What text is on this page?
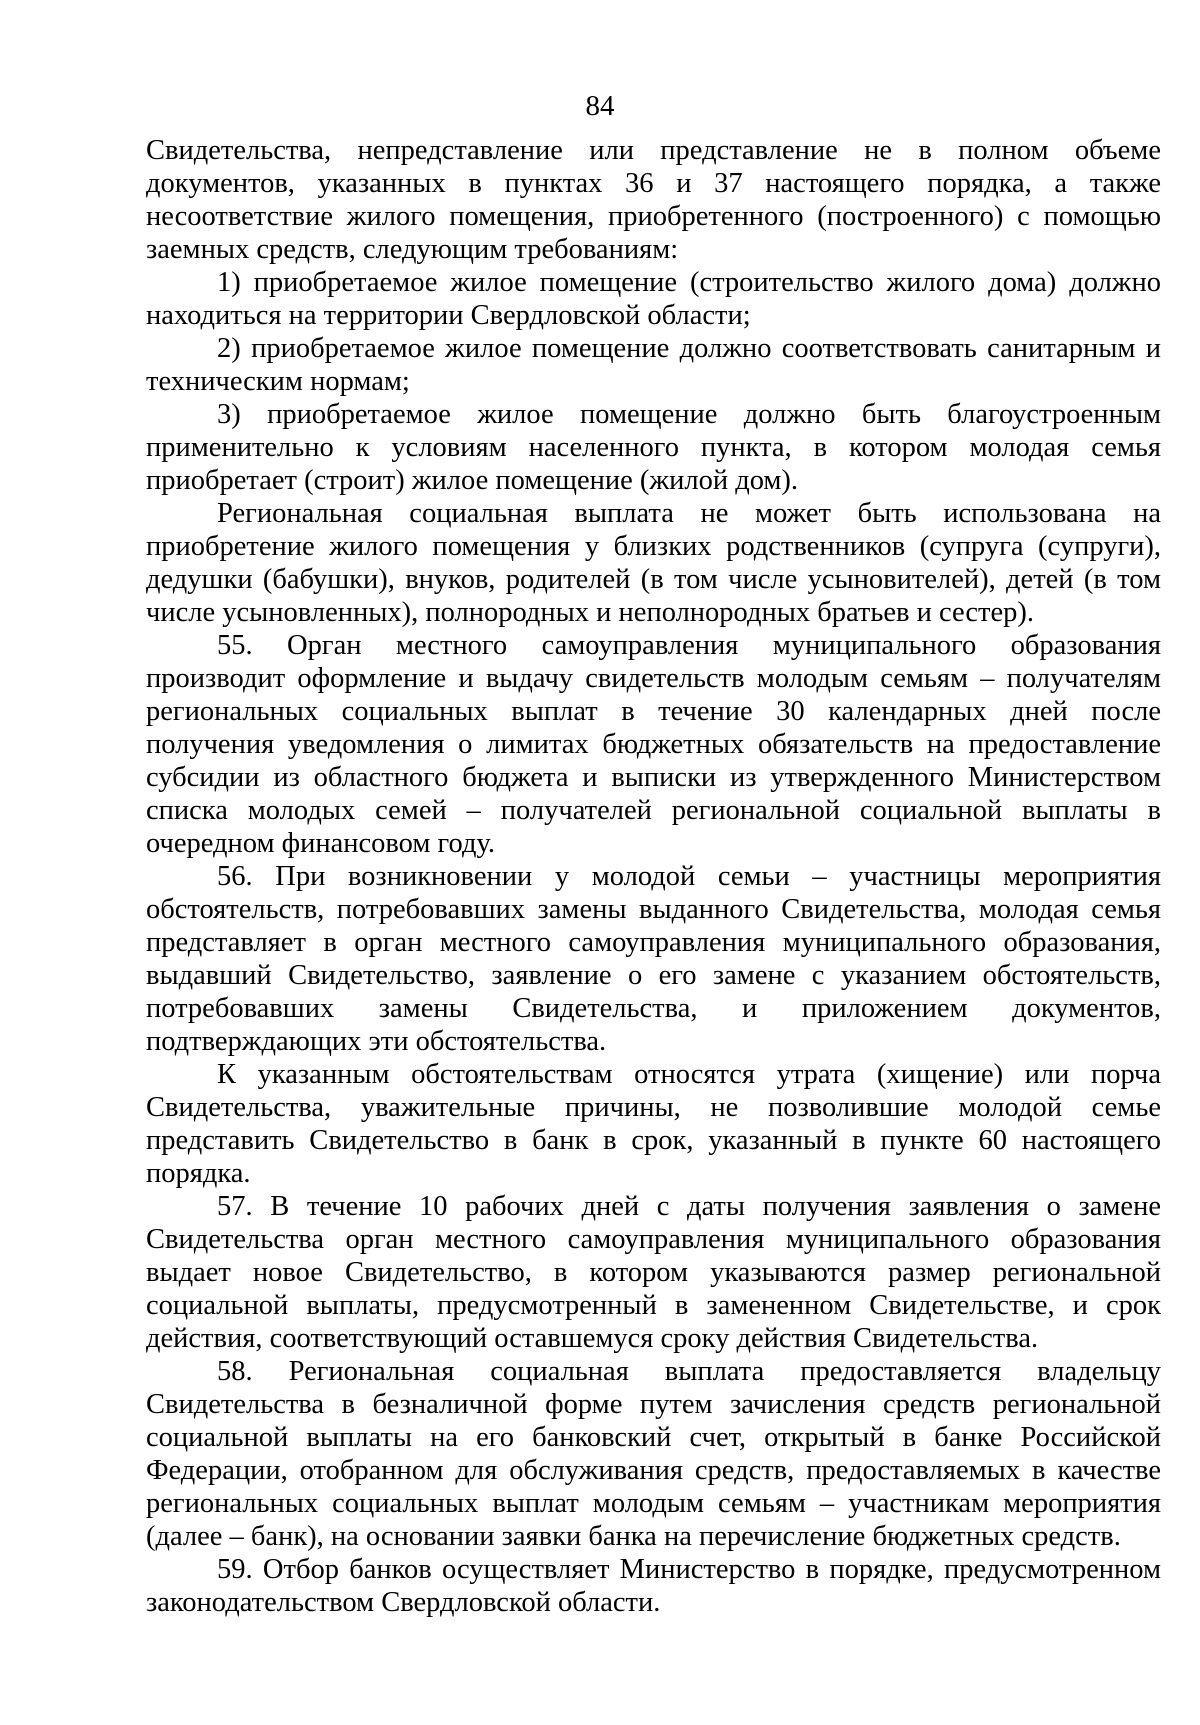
84

Свидетельства, непредставление или представление не в полном объеме документов, указанных в пунктах 36 и 37 настоящего порядка, а также несоответствие жилого помещения, приобретенного (построенного) с помощью заемных средств, следующим требованиям:

1) приобретаемое жилое помещение (строительство жилого дома) должно находиться на территории Свердловской области;

2) приобретаемое жилое помещение должно соответствовать санитарным и техническим нормам;

3) приобретаемое жилое помещение должно быть благоустроенным применительно к условиям населенного пункта, в котором молодая семья приобретает (строит) жилое помещение (жилой дом).

Региональная социальная выплата не может быть использована на приобретение жилого помещения у близких родственников (супруга (супруги), дедушки (бабушки), внуков, родителей (в том числе усыновителей), детей (в том числе усыновленных), полнородных и неполнородных братьев и сестер).

55. Орган местного самоуправления муниципального образования производит оформление и выдачу свидетельств молодым семьям – получателям региональных социальных выплат в течение 30 календарных дней после получения уведомления о лимитах бюджетных обязательств на предоставление субсидии из областного бюджета и выписки из утвержденного Министерством списка молодых семей – получателей региональной социальной выплаты в очередном финансовом году.

56. При возникновении у молодой семьи – участницы мероприятия обстоятельств, потребовавших замены выданного Свидетельства, молодая семья представляет в орган местного самоуправления муниципального образования, выдавший Свидетельство, заявление о его замене с указанием обстоятельств, потребовавших замены Свидетельства, и приложением документов, подтверждающих эти обстоятельства.

К указанным обстоятельствам относятся утрата (хищение) или порча Свидетельства, уважительные причины, не позволившие молодой семье представить Свидетельство в банк в срок, указанный в пункте 60 настоящего порядка.

57. В течение 10 рабочих дней с даты получения заявления о замене Свидетельства орган местного самоуправления муниципального образования выдает новое Свидетельство, в котором указываются размер региональной социальной выплаты, предусмотренный в замененном Свидетельстве, и срок действия, соответствующий оставшемуся сроку действия Свидетельства.

58. Региональная социальная выплата предоставляется владельцу Свидетельства в безналичной форме путем зачисления средств региональной социальной выплаты на его банковский счет, открытый в банке Российской Федерации, отобранном для обслуживания средств, предоставляемых в качестве региональных социальных выплат молодым семьям – участникам мероприятия (далее – банк), на основании заявки банка на перечисление бюджетных средств.

59. Отбор банков осуществляет Министерство в порядке, предусмотренном законодательством Свердловской области.
